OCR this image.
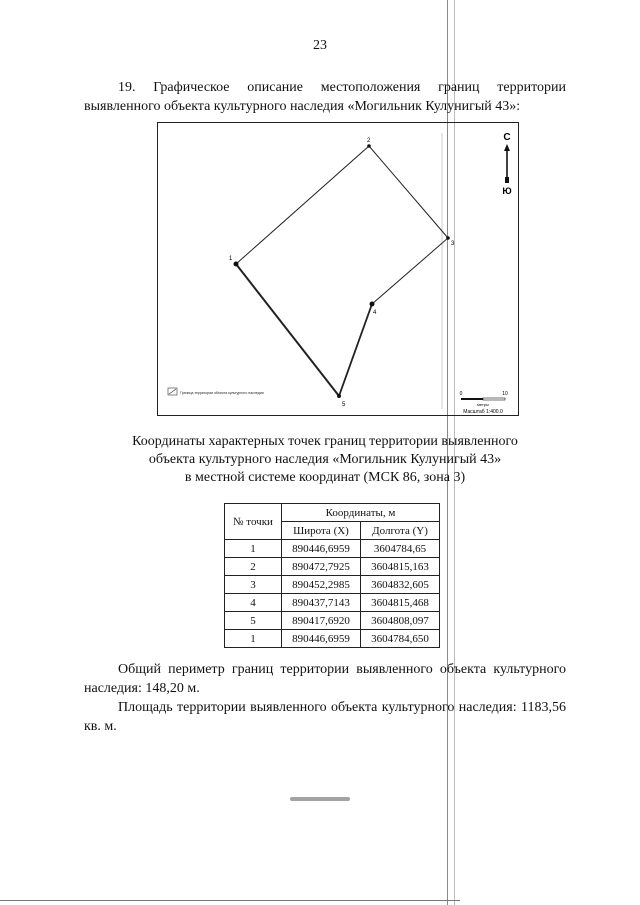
23
19. Графическое описание местоположения границ территории выявленного объекта культурного наследия «Могильник Кулунигый 43»:
1
2
3
4
5
С
Ю
Граница территории объекта культурного наследия	0	10
метры
Масштаб 1:400.0
Координаты характерных точек границ территории выявленного
объекта культурного наследия «Могильник Кулунигый 43»
в местной системе координат (МСК 86, зона 3)
№ точки	Координаты, м	
	Широта (X)	Долгота (Y)
1	890446,6959	3604784,65
2	890472,7925	3604815,163
3	890452,2985	3604832,605
4	890437,7143	3604815,468
5	890417,6920	3604808,097
1	890446,6959	3604784,650

Общий периметр границ территории выявленного объекта культурного наследия: 148,20 м.

Площадь территории выявленного объекта культурного наследия: 1183,56 кв. м.
